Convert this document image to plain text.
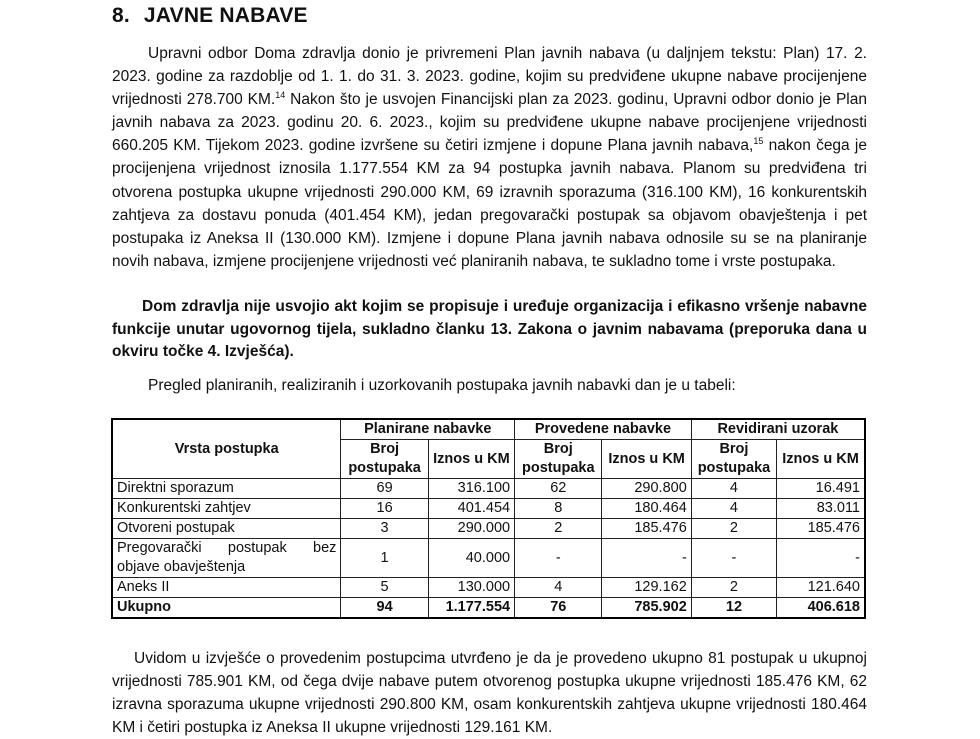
8. JAVNE NABAVE

Upravni odbor Doma zdravlja donio je privremeni Plan javnih nabava (u daljnjem tekstu: Plan) 17. 2. 2023. godine za razdoblje od 1. 1. do 31. 3. 2023. godine, kojim su predviđene ukupne nabave procijenjene vrijednosti 278.700 KM.$^{14}$ Nakon što je usvojen Financijski plan za 2023. godinu, Upravni odbor donio je Plan javnih nabava za 2023. godinu 20. 6. 2023., kojim su predviđene ukupne nabave procijenjene vrijednosti 660.205 KM. Tijekom 2023. godine izvršene su četiri izmjene i dopune Plana javnih nabava,$^{15}$ nakon čega je procijenjena vrijednost iznosila 1.177.554 KM za 94 postupka javnih nabava. Planom su predviđena tri otvorena postupka ukupne vrijednosti 290.000 KM, 69 izravnih sporazuma (316.100 KM), 16 konkurentskih zahtjeva za dostavu ponuda (401.454 KM), jedan pregovarački postupak sa objavom obavještenja i pet postupaka iz Aneksa II (130.000 KM). Izmjene i dopune Plana javnih nabava odnosile su se na planiranje novih nabava, izmjene procijenjene vrijednosti već planiranih nabava, te sukladno tome i vrste postupaka.

Dom zdravlja nije usvojio akt kojim se propisuje i uređuje organizacija i efikasno vršenje nabavne funkcije unutar ugovornog tijela, sukladno članku 13. Zakona o javnim nabavama (preporuka dana u okviru točke 4. Izvješća).

Pregled planiranih, realiziranih i uzorkovanih postupaka javnih nabavki dan je u tabeli:

Vrsta postupka	Planirane nabavke		Provedene nabavke		Revidirani uzorak	
	Broj postupaka	Iznos u KM	Broj postupaka	Iznos u KM	Broj postupaka	Iznos u KM
Direktni sporazum	69	316.100	62	290.800	4	16.491
Konkurentski zahtjev	16	401.454	8	180.464	4	83.011
Otvoreni postupak	3	290.000	2	185.476	2	185.476
Pregovarački postupak bez objave obavještenja	1	40.000	-	-	-	-
Aneks II	5	130.000	4	129.162	2	121.640
Ukupno	94	1.177.554	76	785.902	12	406.618

Uvidom u izvješće o provedenim postupcima utvrđeno je da je provedeno ukupno 81 postupak u ukupnoj vrijednosti 785.901 KM, od čega dvije nabave putem otvorenog postupka ukupne vrijednosti 185.476 KM, 62 izravna sporazuma ukupne vrijednosti 290.800 KM, osam konkurentskih zahtjeva ukupne vrijednosti 180.464 KM i četiri postupka iz Aneksa II ukupne vrijednosti 129.161 KM.
